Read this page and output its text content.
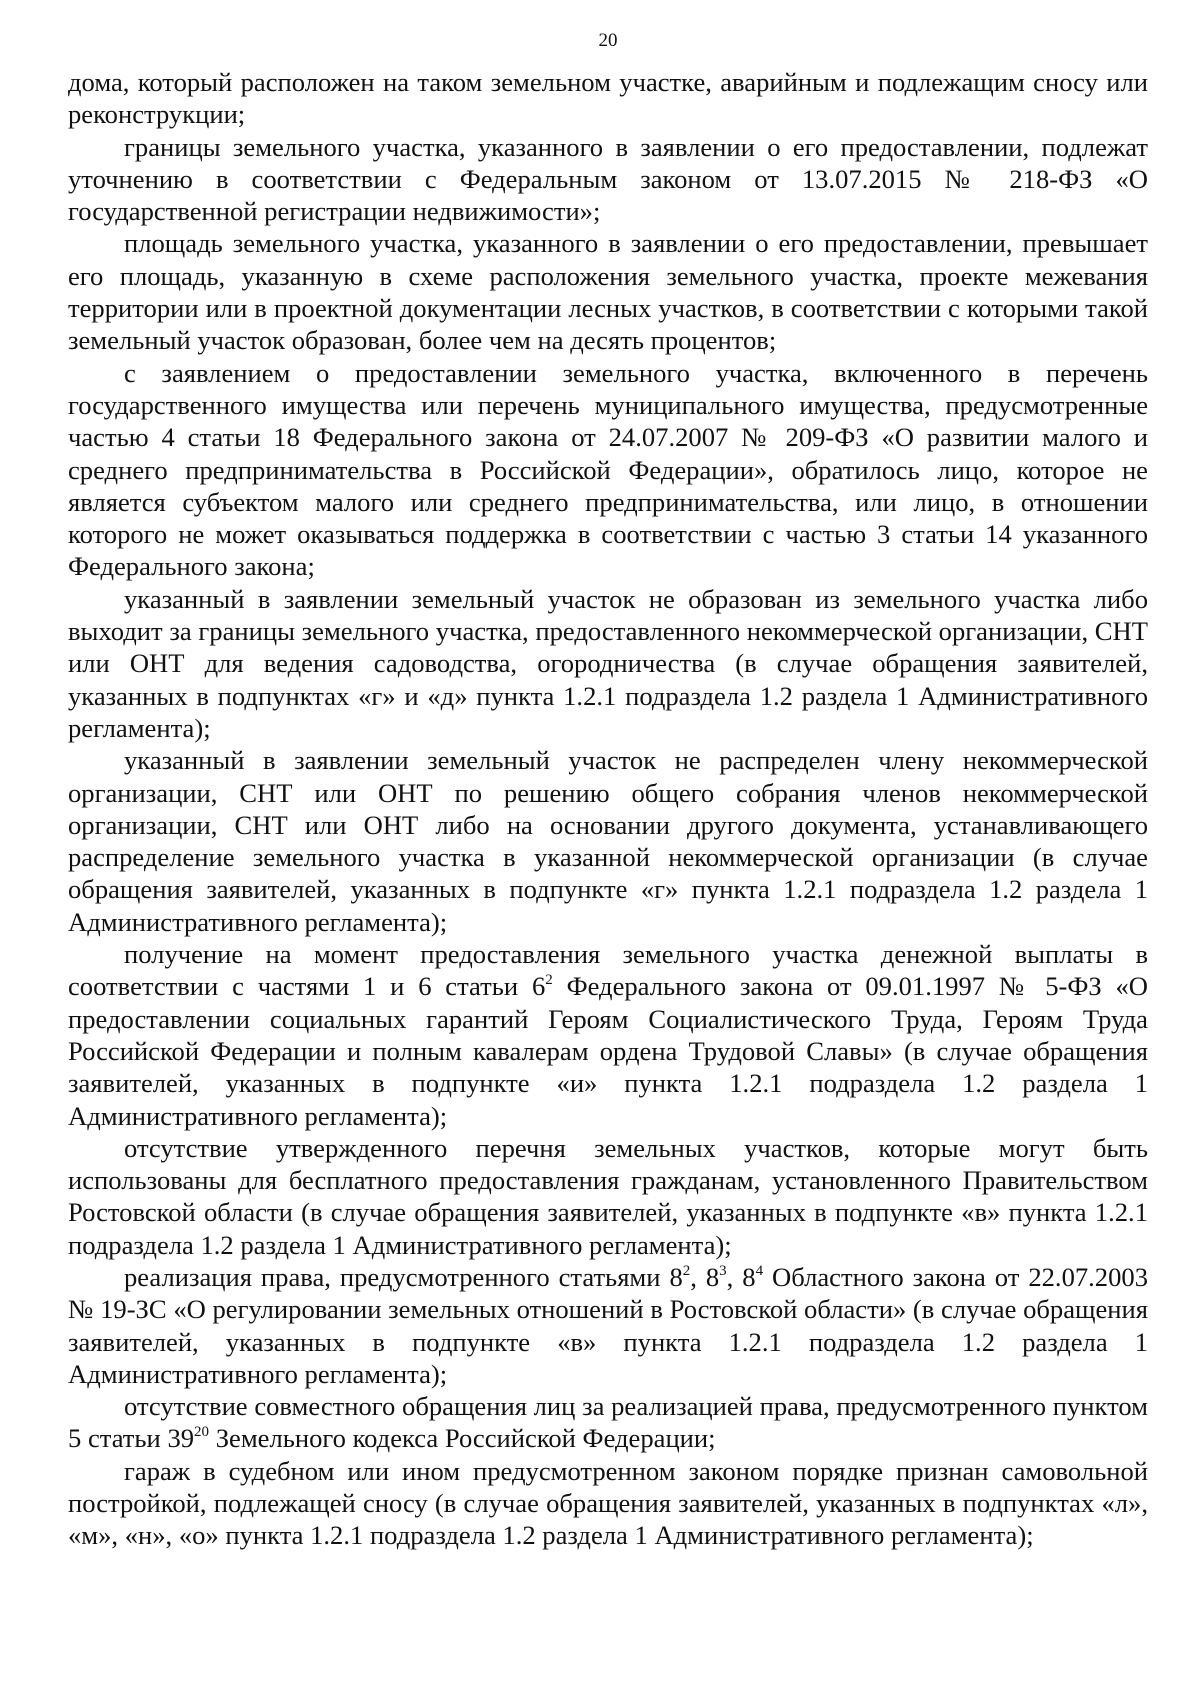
20

дома, который расположен на таком земельном участке, аварийным и подлежащим сносу или реконструкции;

границы земельного участка, указанного в заявлении о его предоставлении, подлежат уточнению в соответствии с Федеральным законом от 13.07.2015 № 218-ФЗ «О государственной регистрации недвижимости»;

площадь земельного участка, указанного в заявлении о его предоставлении, превышает его площадь, указанную в схеме расположения земельного участка, проекте межевания территории или в проектной документации лесных участков, в соответствии с которыми такой земельный участок образован, более чем на десять процентов;

с заявлением о предоставлении земельного участка, включенного в перечень государственного имущества или перечень муниципального имущества, предусмотренные частью 4 статьи 18 Федерального закона от 24.07.2007 № 209-ФЗ «О развитии малого и среднего предпринимательства в Российской Федерации», обратилось лицо, которое не является субъектом малого или среднего предпринимательства, или лицо, в отношении которого не может оказываться поддержка в соответствии с частью 3 статьи 14 указанного Федерального закона;

указанный в заявлении земельный участок не образован из земельного участка либо выходит за границы земельного участка, предоставленного некоммерческой организации, СНТ или ОНТ для ведения садоводства, огородничества (в случае обращения заявителей, указанных в подпунктах «г» и «д» пункта 1.2.1 подраздела 1.2 раздела 1 Административного регламента);

указанный в заявлении земельный участок не распределен члену некоммерческой организации, СНТ или ОНТ по решению общего собрания членов некоммерческой организации, СНТ или ОНТ либо на основании другого документа, устанавливающего распределение земельного участка в указанной некоммерческой организации (в случае обращения заявителей, указанных в подпункте «г» пункта 1.2.1 подраздела 1.2 раздела 1 Административного регламента);

получение на момент предоставления земельного участка денежной выплаты в соответствии с частями 1 и 6 статьи $6^2$ Федерального закона от 09.01.1997 № 5-ФЗ «О предоставлении социальных гарантий Героям Социалистического Труда, Героям Труда Российской Федерации и полным кавалерам ордена Трудовой Славы» (в случае обращения заявителей, указанных в подпункте «и» пункта 1.2.1 подраздела 1.2 раздела 1 Административного регламента);

отсутствие утвержденного перечня земельных участков, которые могут быть использованы для бесплатного предоставления гражданам, установленного Правительством Ростовской области (в случае обращения заявителей, указанных в подпункте «в» пункта 1.2.1 подраздела 1.2 раздела 1 Административного регламента);

реализация права, предусмотренного статьями $8^2$, $8^3$, $8^4$ Областного закона от 22.07.2003 № 19-ЗС «О регулировании земельных отношений в Ростовской области» (в случае обращения заявителей, указанных в подпункте «в» пункта 1.2.1 подраздела 1.2 раздела 1 Административного регламента);

отсутствие совместного обращения лиц за реализацией права, предусмотренного пунктом 5 статьи $39^{20}$ Земельного кодекса Российской Федерации;

гараж в судебном или ином предусмотренном законом порядке признан самовольной постройкой, подлежащей сносу (в случае обращения заявителей, указанных в подпунктах «л», «м», «н», «о» пункта 1.2.1 подраздела 1.2 раздела 1 Административного регламента);
